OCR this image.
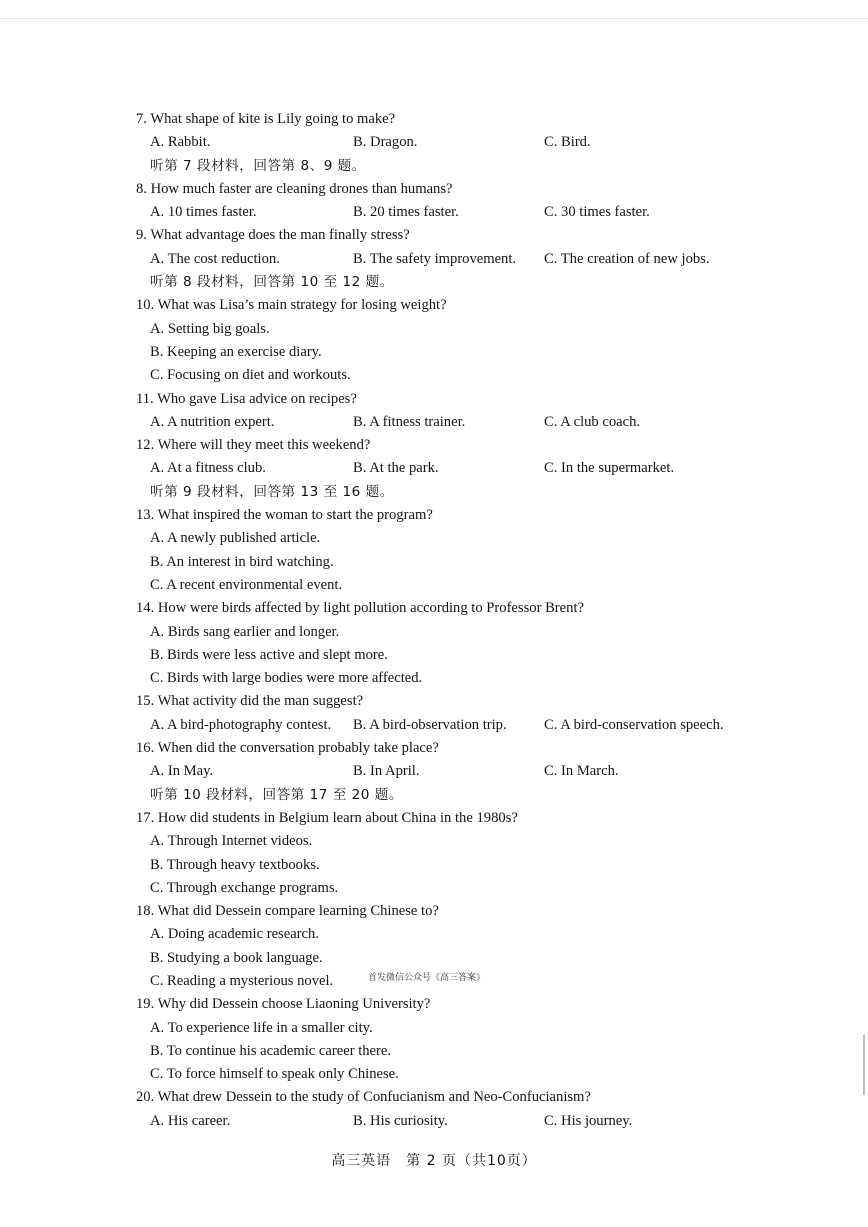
7. What shape of kite is Lily going to make?
A. Rabbit.	B. Dragon.	C. Bird.
听第 7 段材料，回答第 8、9 题。
8. How much faster are cleaning drones than humans?
A. 10 times faster.	B. 20 times faster.	C. 30 times faster.
9. What advantage does the man finally stress?
A. The cost reduction.	B. The safety improvement. C. The creation of new jobs.
听第 8 段材料，回答第 10 至 12 题。
10. What was Lisa’s main strategy for losing weight?
A. Setting big goals.
B. Keeping an exercise diary.
C. Focusing on diet and workouts.
11. Who gave Lisa advice on recipes?
A. A nutrition expert.	B. A fitness trainer.	C. A club coach.
12. Where will they meet this weekend?
A. At a fitness club.	B. At the park.	C. In the supermarket.
听第 9 段材料，回答第 13 至 16 题。
13. What inspired the woman to start the program?
A. A newly published article.
B. An interest in bird watching.
C. A recent environmental event.
14. How were birds affected by light pollution according to Professor Brent?
A. Birds sang earlier and longer.
B. Birds were less active and slept more.
C. Birds with large bodies were more affected.
15. What activity did the man suggest?
A. A bird-photography contest. B. A bird-observation trip.	C. A bird-conservation speech.
16. When did the conversation probably take place?
A. In May.	B. In April.	C. In March.
听第 10 段材料，回答第 17 至 20 题。
17. How did students in Belgium learn about China in the 1980s?
A. Through Internet videos.
B. Through heavy textbooks.
C. Through exchange programs.
18. What did Dessein compare learning Chinese to?
A. Doing academic research.
B. Studying a book language.
C. Reading a mysterious novel.
19. Why did Dessein choose Liaoning University?
A. To experience life in a smaller city.
B. To continue his academic career there.
C. To force himself to speak only Chinese.
20. What drew Dessein to the study of Confucianism and Neo-Confucianism?
A. His career.	B. His curiosity.	C. His journey.
首发微信公众号《高三答案》
高三英语　第 2 页（共10页）
